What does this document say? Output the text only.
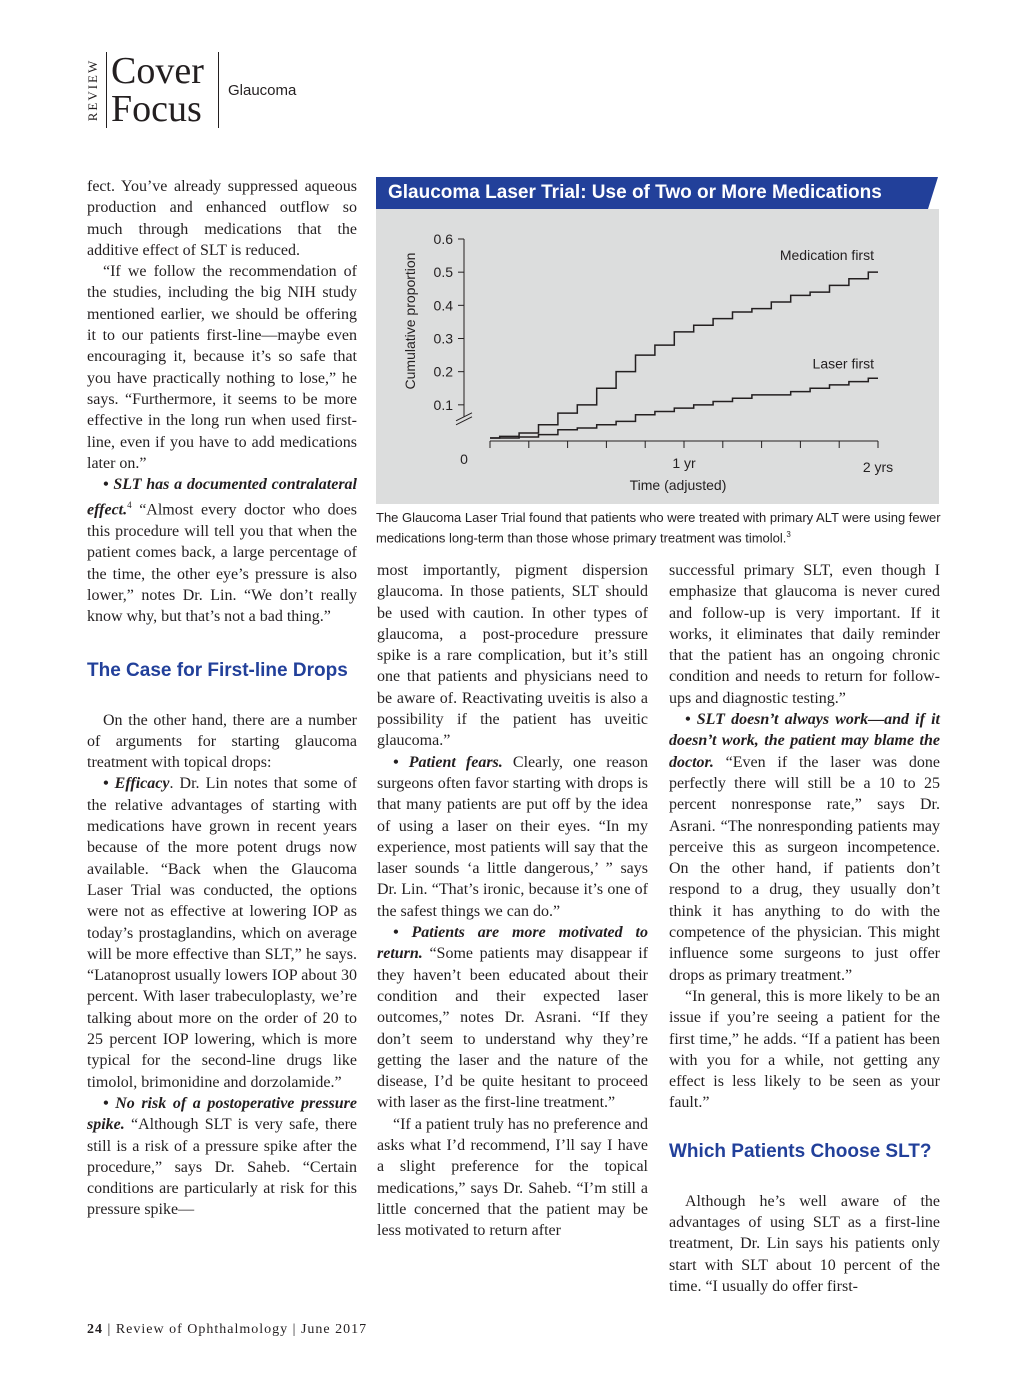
REVIEW Cover
Focus Glaucoma

fect. You’ve already suppressed aqueous production and enhanced outflow so much through medications that the additive effect of SLT is reduced.

“If we follow the recommendation of the studies, including the big NIH study mentioned earlier, we should be offering it to our patients first-line—maybe even encouraging it, because it’s so safe that you have practically nothing to lose,” he says. “Furthermore, it seems to be more effective in the long run when used first-line, even if you have to add medications later on.”

• SLT has a documented contralateral effect.$^4$ “Almost every doctor who does this procedure will tell you that when the patient comes back, a large percentage of the time, the other eye’s pressure is also lower,” notes Dr. Lin. “We don’t really know why, but that’s not a bad thing.”

The Case for First-line Drops

On the other hand, there are a number of arguments for starting glaucoma treatment with topical drops:

• Efficacy. Dr. Lin notes that some of the relative advantages of starting with medications have grown in recent years because of the more potent drugs now available. “Back when the Glaucoma Laser Trial was conducted, the options were not as effective at lowering IOP as today’s prostaglandins, which on average will be more effective than SLT,” he says. “Latanoprost usually lowers IOP about 30 percent. With laser trabeculoplasty, we’re talking about more on the order of 20 to 25 percent IOP lowering, which is more typical for the second-line drugs like timolol, brimonidine and dorzolamide.”

• No risk of a postoperative pressure spike. “Although SLT is very safe, there still is a risk of a pressure spike after the procedure,” says Dr. Saheb. “Certain conditions are particularly at risk for this pressure spike—

Glaucoma Laser Trial: Use of Two or More Medications
0.1
0.2
0.3
0.4
0.5
0.6
0	1 yr	2 yrs
Medication first
Laser first
Cumulative proportion
Time (adjusted)
The Glaucoma Laser Trial found that patients who were treated with primary ALT were using fewer medications long-term than those whose primary treatment was timolol.$^3$

most importantly, pigment dispersion glaucoma. In those patients, SLT should be used with caution. In other types of glaucoma, a post-procedure pressure spike is a rare complication, but it’s still one that patients and physicians need to be aware of. Reactivating uveitis is also a possibility if the patient has uveitic glaucoma.”

• Patient fears. Clearly, one reason surgeons often favor starting with drops is that many patients are put off by the idea of using a laser on their eyes. “In my experience, most patients will say that the laser sounds ‘a little dangerous,’ ” says Dr. Lin. “That’s ironic, because it’s one of the safest things we can do.”

• Patients are more motivated to return. “Some patients may disappear if they haven’t been educated about their condition and their expected laser outcomes,” notes Dr. Asrani. “If they don’t seem to understand why they’re getting the laser and the nature of the disease, I’d be quite hesitant to proceed with laser as the first-line treatment.”

“If a patient truly has no preference and asks what I’d recommend, I’ll say I have a slight preference for the topical medications,” says Dr. Saheb. “I’m still a little concerned that the patient may be less motivated to return after

successful primary SLT, even though I emphasize that glaucoma is never cured and follow-up is very important. If it works, it eliminates that daily reminder that the patient has an ongoing chronic condition and needs to return for follow-ups and diagnostic testing.”

• SLT doesn’t always work—and if it doesn’t work, the patient may blame the doctor. “Even if the laser was done perfectly there will still be a 10 to 25 percent nonresponse rate,” says Dr. Asrani. “The nonresponding patients may perceive this as surgeon incompetence. On the other hand, if patients don’t respond to a drug, they usually don’t think it has anything to do with the competence of the physician. This might influence some surgeons to just offer drops as primary treatment.”

“In general, this is more likely to be an issue if you’re seeing a patient for the first time,” he adds. “If a patient has been with you for a while, not getting any effect is less likely to be seen as your fault.”

Which Patients Choose SLT?

Although he’s well aware of the advantages of using SLT as a first-line treatment, Dr. Lin says his patients only start with SLT about 10 percent of the time. “I usually do offer first-

24 | Review of Ophthalmology | June 2017
